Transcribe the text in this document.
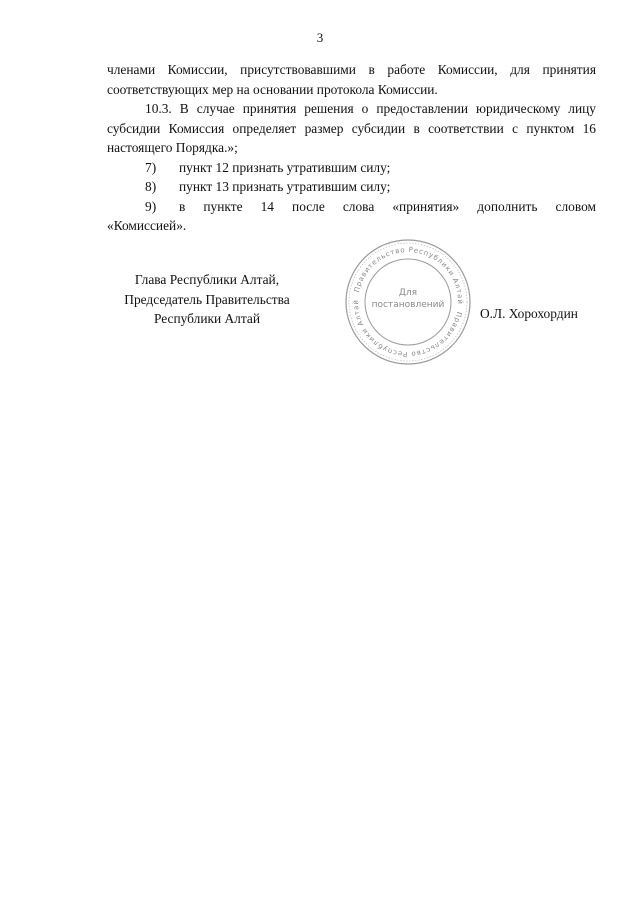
3

членами Комиссии, присутствовавшими в работе Комиссии, для принятия соответствующих мер на основании протокола Комиссии.

10.3. В случае принятия решения о предоставлении юридическому лицу субсидии Комиссия определяет размер субсидии в соответствии с пунктом 16 настоящего Порядка.»;

7)	пункт 12 признать утратившим силу;
8)	пункт 13 признать утратившим силу;
9)	в пункте 14 после слова «принятия» дополнить словом

«Комиссией».

Глава Республики Алтай,
Председатель Правительства
Республики Алтай
Правительство Республики Алтай
Правительство Республики Алтай
Для
постановлений
О.Л. Хорохордин
